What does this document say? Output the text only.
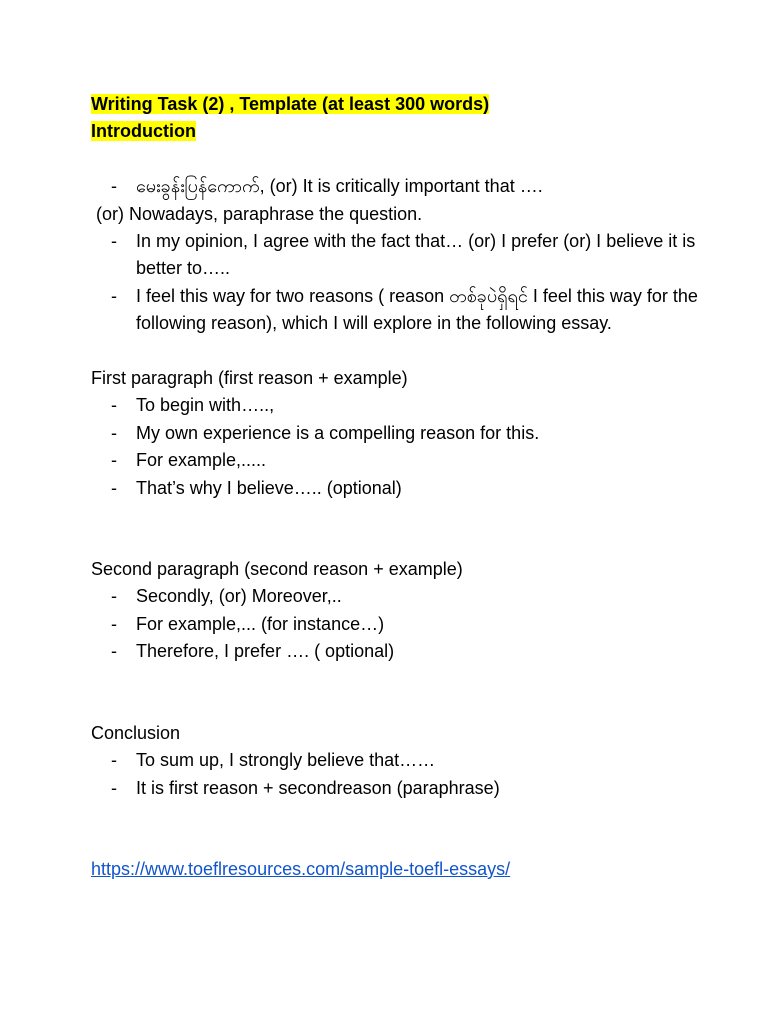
Writing Task (2) , Template (at least 300 words)
Introduction
-	မေးခွန်းပြန်ကောက်, (or) It is critically important that ….
(or) Nowadays, paraphrase the question.
-	In my opinion, I agree with the fact that… (or) I prefer (or) I believe it is better to…..
-	I feel this way for two reasons ( reason တစ်ခုပဲရှိရင် I feel this way for the following reason), which I will explore in the following essay.
First paragraph (first reason + example)
-	To begin with…..,
-	My own experience is a compelling reason for this.
-	For example,.....
-	That’s why I believe….. (optional)
Second paragraph (second reason + example)
-	Secondly, (or) Moreover,..
-	For example,... (for instance…)
-	Therefore, I prefer …. ( optional)
Conclusion
-	To sum up, I strongly believe that……
-	It is first reason + secondreason (paraphrase)
https://www.toeflresources.com/sample-toefl-essays/
